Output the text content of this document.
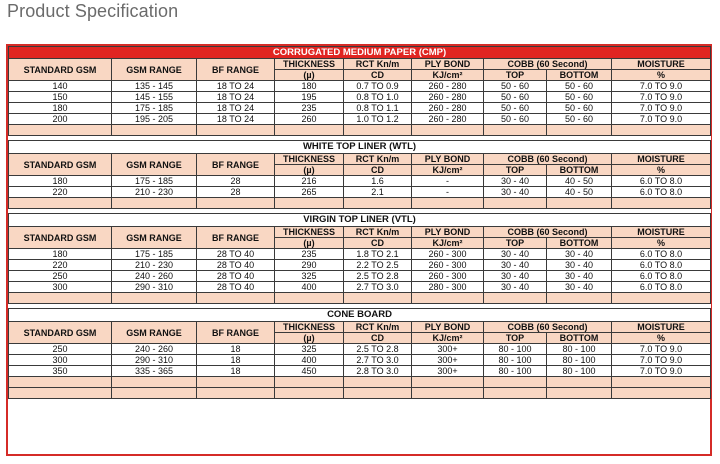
Product Specification
CORRUGATED MEDIUM PAPER (CMP)								
STANDARD GSM	GSM RANGE	BF RANGE	THICKNESS	RCT Kn/m	PLY BOND	COBB (60 Second)		MOISTURE
			(µ)	CD	KJ/cm²	TOP	BOTTOM	%
140	135 - 145	18 TO 24	180	0.7 TO 0.9	260 - 280	50 - 60	50 - 60	7.0 TO 9.0
150	145 - 155	18 TO 24	195	0.8 TO 1.0	260 - 280	50 - 60	50 - 60	7.0 TO 9.0
180	175 - 185	18 TO 24	235	0.8 TO 1.1	260 - 280	50 - 60	50 - 60	7.0 TO 9.0
200	195 - 205	18 TO 24	260	1.0 TO 1.2	260 - 280	50 - 60	50 - 60	7.0 TO 9.0

WHITE TOP LINER (WTL)								
STANDARD GSM	GSM RANGE	BF RANGE	THICKNESS	RCT Kn/m	PLY BOND	COBB (60 Second)		MOISTURE
			(µ)	CD	KJ/cm²	TOP	BOTTOM	%
180	175 - 185	28	216	1.6	-	30 - 40	40 - 50	6.0 TO 8.0
220	210 - 230	28	265	2.1	-	30 - 40	40 - 50	6.0 TO 8.0

VIRGIN TOP LINER (VTL)								
STANDARD GSM	GSM RANGE	BF RANGE	THICKNESS	RCT Kn/m	PLY BOND	COBB (60 Second)		MOISTURE
			(µ)	CD	KJ/cm²	TOP	BOTTOM	%
180	175 - 185	28 TO 40	235	1.8 TO 2.1	260 - 300	30 - 40	30 - 40	6.0 TO 8.0
220	210 - 230	28 TO 40	290	2.2 TO 2.5	260 - 300	30 - 40	30 - 40	6.0 TO 8.0
250	240 - 260	28 TO 40	325	2.5 TO 2.8	260 - 300	30 - 40	30 - 40	6.0 TO 8.0
300	290 - 310	28 TO 40	400	2.7 TO 3.0	280 - 300	30 - 40	30 - 40	6.0 TO 8.0

CONE BOARD								
STANDARD GSM	GSM RANGE	BF RANGE	THICKNESS	RCT Kn/m	PLY BOND	COBB (60 Second)		MOISTURE
			(µ)	CD	KJ/cm²	TOP	BOTTOM	%
250	240 - 260	18	325	2.5 TO 2.8	300+	80 - 100	80 - 100	7.0 TO 9.0
300	290 - 310	18	400	2.7 TO 3.0	300+	80 - 100	80 - 100	7.0 TO 9.0
350	335 - 365	18	450	2.8 TO 3.0	300+	80 - 100	80 - 100	7.0 TO 9.0
